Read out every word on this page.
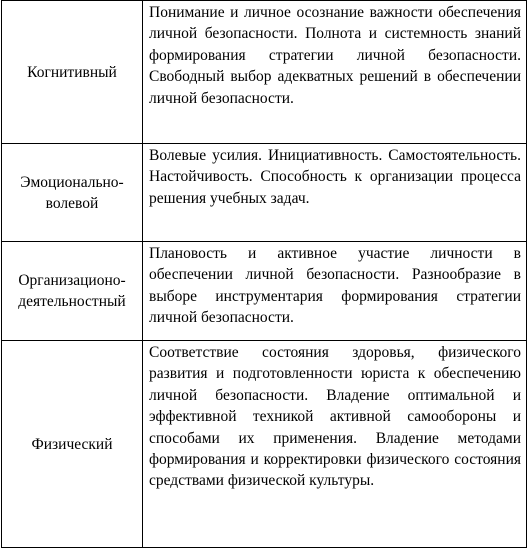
Когнитивный	Понимание и личное осознание важности обеспечения личной безопасности. Полнота и системность знаний формирования стратегии личной безопасности. Свободный выбор адекватных решений в обеспечении личной безопасности.

Эмоционально-волевой	Волевые усилия. Инициативность. Самостоятельность. Настойчивость. Способность к организации процесса решения учебных задач.

Организационо-деятельностный	Плановость и активное участие личности в обеспечении личной безопасности. Разнообразие в выборе инструментария формирования стратегии личной безопасности.

Физический	Соответствие состояния здоровья, физического развития и подготовленности юриста к обеспечению личной безопасности. Владение оптимальной и эффективной техникой активной самообороны и способами их применения. Владение методами формирования и корректировки физического состояния средствами физической культуры.
